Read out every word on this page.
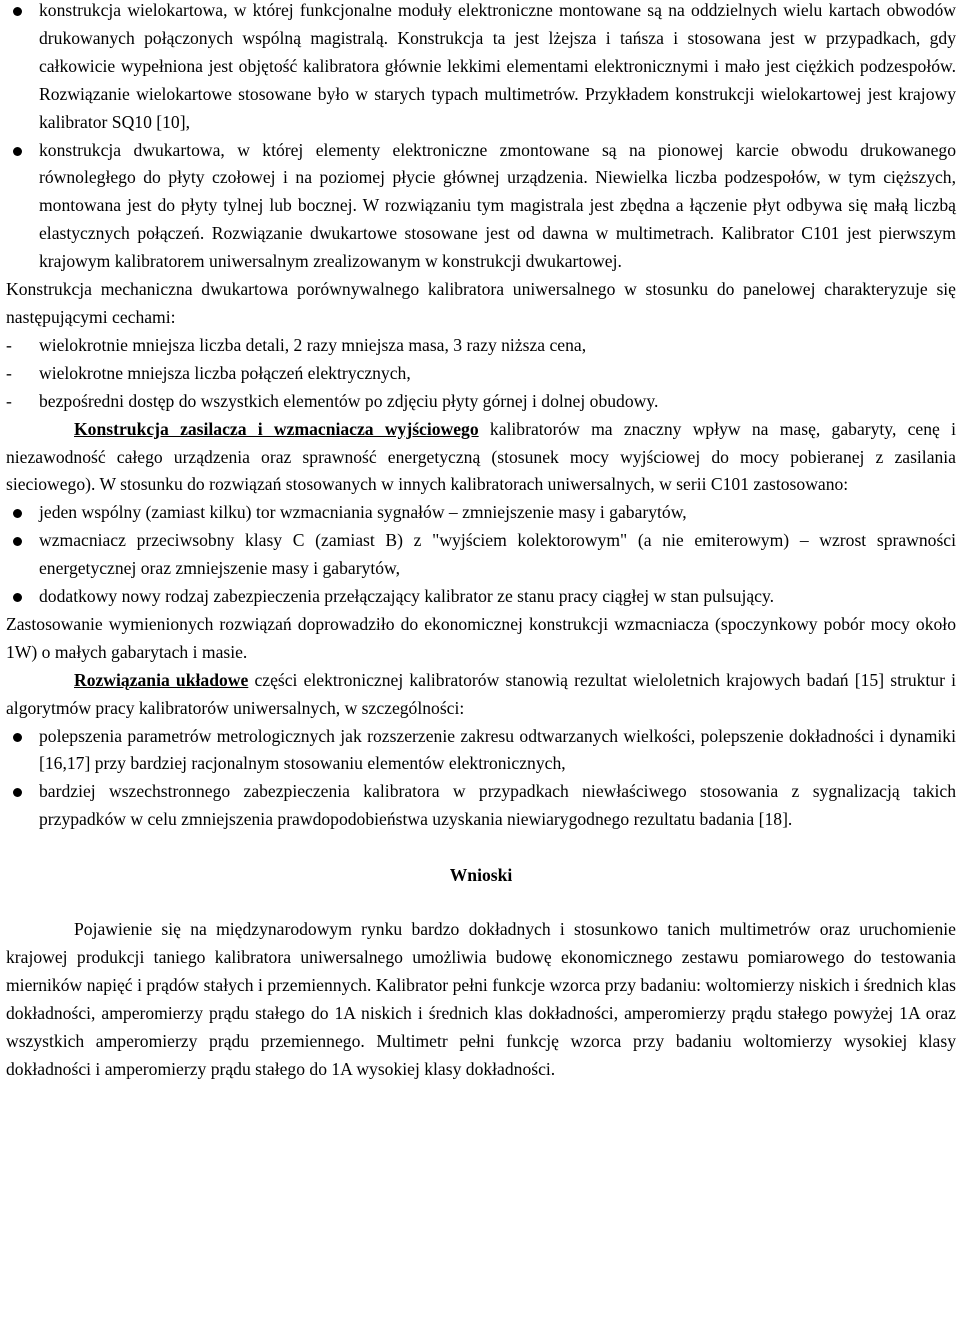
konstrukcja wielokartowa, w której funkcjonalne moduły elektroniczne montowane są na oddzielnych wielu kartach obwodów drukowanych połączonych wspólną magistralą. Konstrukcja ta jest lżejsza i tańsza i stosowana jest w przypadkach, gdy całkowicie wypełniona jest objętość kalibratora głównie lekkimi elementami elektronicznymi i mało jest ciężkich podzespołów. Rozwiązanie wielokartowe stosowane było w starych typach multimetrów. Przykładem konstrukcji wielokartowej jest krajowy kalibrator SQ10 [10],
konstrukcja dwukartowa, w której elementy elektroniczne zmontowane są na pionowej karcie obwodu drukowanego równoległego do płyty czołowej i na poziomej płycie głównej urządzenia. Niewielka liczba podzespołów, w tym cięższych, montowana jest do płyty tylnej lub bocznej. W rozwiązaniu tym magistrala jest zbędna a łączenie płyt odbywa się małą liczbą elastycznych połączeń. Rozwiązanie dwukartowe stosowane jest od dawna w multimetrach. Kalibrator C101 jest pierwszym krajowym kalibratorem uniwersalnym zrealizowanym w konstrukcji dwukartowej.

Konstrukcja mechaniczna dwukartowa porównywalnego kalibratora uniwersalnego w stosunku do panelowej charakteryzuje się następującymi cechami:

- wielokrotnie mniejsza liczba detali, 2 razy mniejsza masa, 3 razy niższa cena,
- wielokrotne mniejsza liczba połączeń elektrycznych,
- bezpośredni dostęp do wszystkich elementów po zdjęciu płyty górnej i dolnej obudowy.

Konstrukcja zasilacza i wzmacniacza wyjściowego kalibratorów ma znaczny wpływ na masę, gabaryty, cenę i niezawodność całego urządzenia oraz sprawność energetyczną (stosunek mocy wyjściowej do mocy pobieranej z zasilania sieciowego). W stosunku do rozwiązań stosowanych w innych kalibratorach uniwersalnych, w serii C101 zastosowano:

jeden wspólny (zamiast kilku) tor wzmacniania sygnałów – zmniejszenie masy i gabarytów,
wzmacniacz przeciwsobny klasy C (zamiast B) z "wyjściem kolektorowym" (a nie emiterowym) – wzrost sprawności energetycznej oraz zmniejszenie masy i gabarytów,
dodatkowy nowy rodzaj zabezpieczenia przełączający kalibrator ze stanu pracy ciągłej w stan pulsujący.

Zastosowanie wymienionych rozwiązań doprowadziło do ekonomicznej konstrukcji wzmacniacza (spoczynkowy pobór mocy około 1W) o małych gabarytach i masie.

Rozwiązania układowe części elektronicznej kalibratorów stanowią rezultat wieloletnich krajowych badań [15] struktur i algorytmów pracy kalibratorów uniwersalnych, w szczególności:

polepszenia parametrów metrologicznych jak rozszerzenie zakresu odtwarzanych wielkości, polepszenie dokładności i dynamiki [16,17] przy bardziej racjonalnym stosowaniu elementów elektronicznych,
bardziej wszechstronnego zabezpieczenia kalibratora w przypadkach niewłaściwego stosowania z sygnalizacją takich przypadków w celu zmniejszenia prawdopodobieństwa uzyskania niewiarygodnego rezultatu badania [18].
Wnioski

Pojawienie się na międzynarodowym rynku bardzo dokładnych i stosunkowo tanich multimetrów oraz uruchomienie krajowej produkcji taniego kalibratora uniwersalnego umożliwia budowę ekonomicznego zestawu pomiarowego do testowania mierników napięć i prądów stałych i przemiennych. Kalibrator pełni funkcje wzorca przy badaniu: woltomierzy niskich i średnich klas dokładności, amperomierzy prądu stałego do 1A niskich i średnich klas dokładności, amperomierzy prądu stałego powyżej 1A oraz wszystkich amperomierzy prądu przemiennego. Multimetr pełni funkcję wzorca przy badaniu woltomierzy wysokiej klasy dokładności i amperomierzy prądu stałego do 1A wysokiej klasy dokładności.
